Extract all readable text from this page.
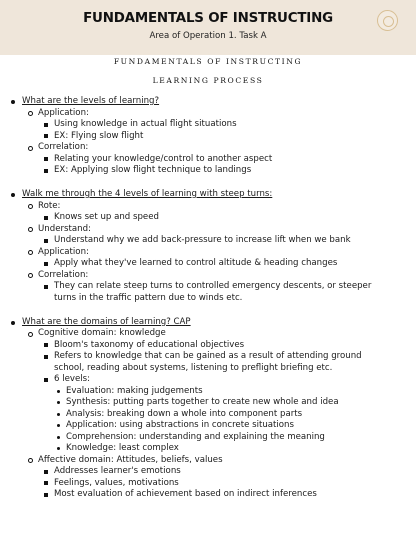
FUNDAMENTALS OF INSTRUCTING
Area of Operation 1. Task A
FUNDAMENTALS OF INSTRUCTING
LEARNING PROCESS
What are the levels of learning?
Application:
Using knowledge in actual flight situations
EX: Flying slow flight
Correlation:
Relating your knowledge/control to another aspect
EX: Applying slow flight technique to landings
Walk me through the 4 levels of learning with steep turns:
Rote:
Knows set up and speed
Understand:
Understand why we add back-pressure to increase lift when we bank
Application:
Apply what they've learned to control altitude & heading changes
Correlation:
They can relate steep turns to controlled emergency descents, or steeper turns in the traffic pattern due to winds etc.
What are the domains of learning? CAP
Cognitive domain: knowledge
Bloom's taxonomy of educational objectives
Refers to knowledge that can be gained as a result of attending ground school, reading about systems, listening to preflight briefing etc.
6 levels:
Evaluation: making judgements
Synthesis: putting parts together to create new whole and idea
Analysis: breaking down a whole into component parts
Application: using abstractions in concrete situations
Comprehension: understanding and explaining the meaning
Knowledge: least complex
Affective domain: Attitudes, beliefs, values
Addresses learner's emotions
Feelings, values, motivations
Most evaluation of achievement based on indirect inferences
